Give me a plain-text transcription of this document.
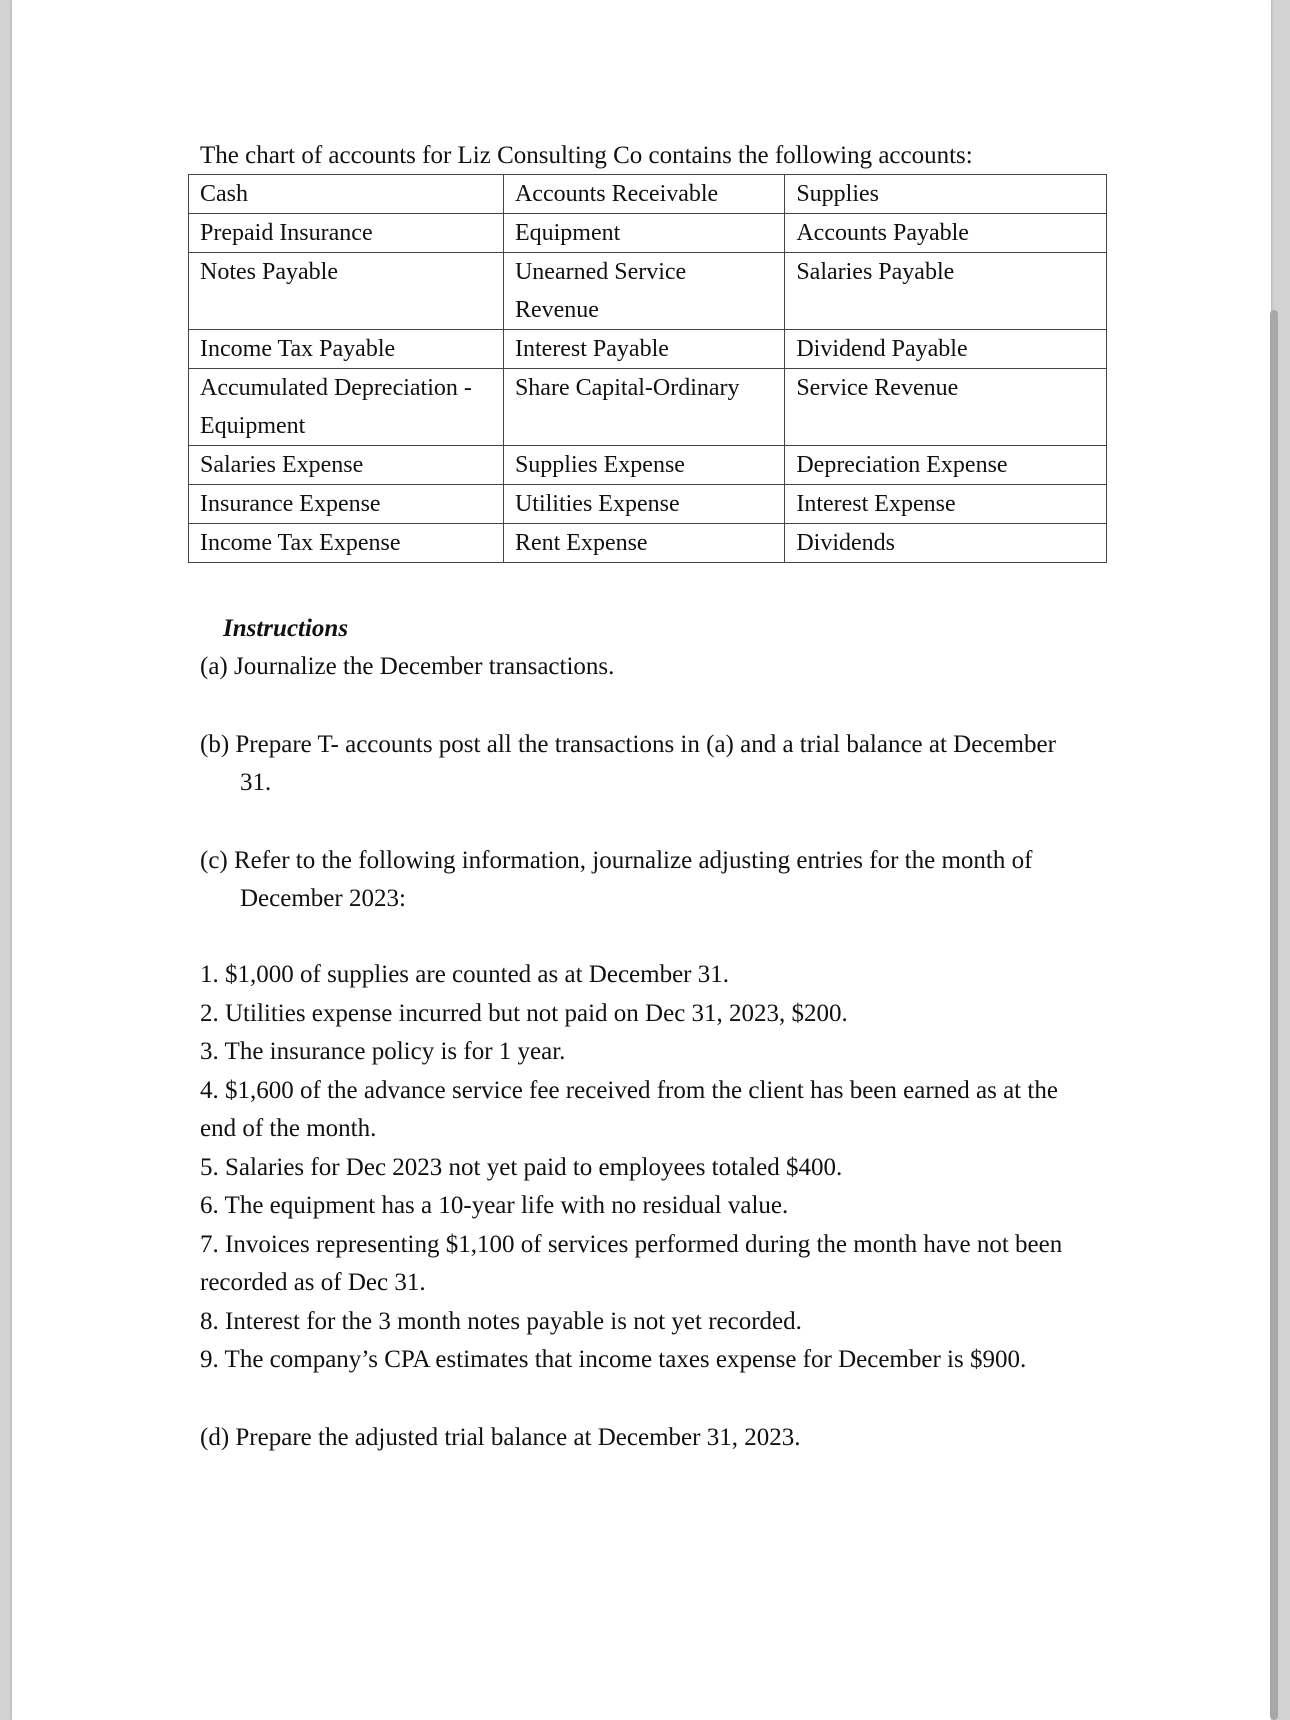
The chart of accounts for Liz Consulting Co contains the following accounts:
Cash	Accounts Receivable	Supplies

Prepaid Insurance	Equipment	Accounts Payable

Notes Payable	Unearned Service Revenue	Salaries Payable

Income Tax Payable	Interest Payable	Dividend Payable

Accumulated Depreciation - Equipment	Share Capital-Ordinary	Service Revenue

Salaries Expense	Supplies Expense	Depreciation Expense

Insurance Expense	Utilities Expense	Interest Expense

Income Tax Expense	Rent Expense	Dividends
Instructions
(a) Journalize the December transactions.
(b) Prepare T- accounts post all the transactions in (a) and a trial balance at December
31.
(c) Refer to the following information, journalize adjusting entries for the month of
December 2023:
1. $1,000 of supplies are counted as at December 31.
2. Utilities expense incurred but not paid on Dec 31, 2023, $200.
3. The insurance policy is for 1 year.
4. $1,600 of the advance service fee received from the client has been earned as at the
end of the month.
5. Salaries for Dec 2023 not yet paid to employees totaled $400.
6. The equipment has a 10-year life with no residual value.
7. Invoices representing $1,100 of services performed during the month have not been
recorded as of Dec 31.
8. Interest for the 3 month notes payable is not yet recorded.
9. The company’s CPA estimates that income taxes expense for December is $900.
(d) Prepare the adjusted trial balance at December 31, 2023.
